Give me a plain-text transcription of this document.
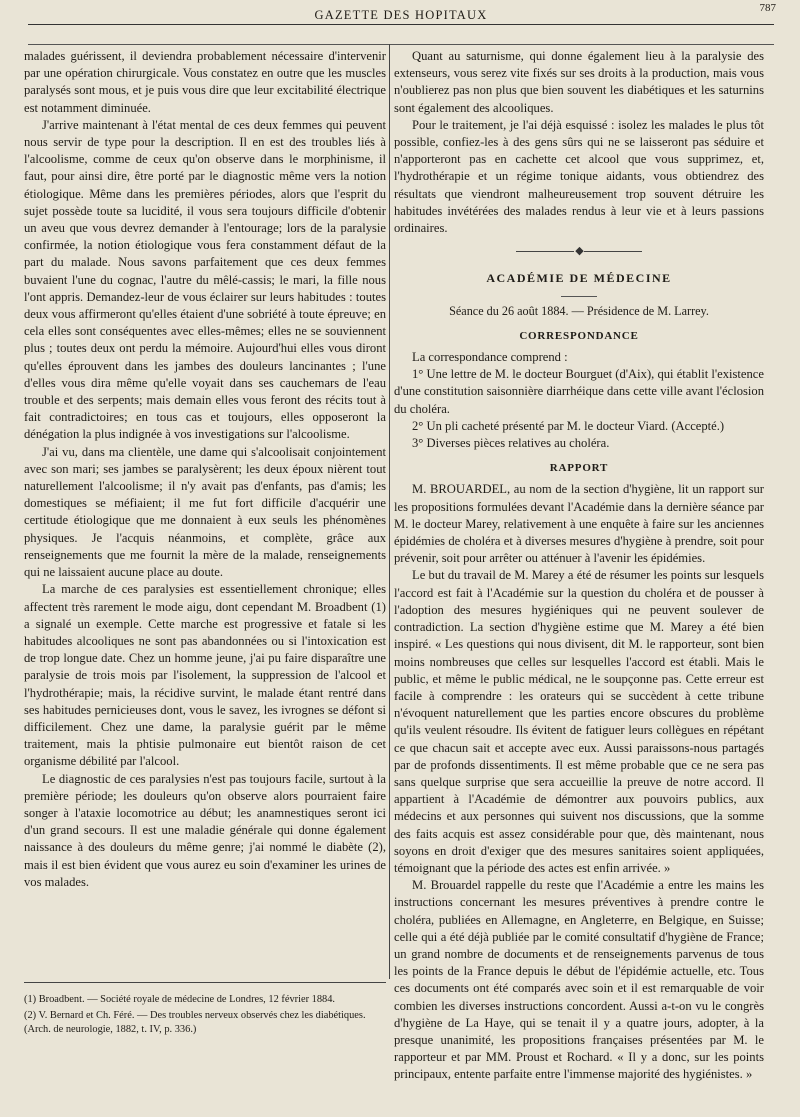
GAZETTE DES HOPITAUX	787

malades guérissent, il deviendra probablement nécessaire d'intervenir par une opération chirurgicale. Vous constatez en outre que les muscles paralysés sont mous, et je puis vous dire que leur excitabilité électrique est notamment diminuée.

J'arrive maintenant à l'état mental de ces deux femmes qui peuvent nous servir de type pour la description. Il en est des troubles liés à l'alcoolisme, comme de ceux qu'on observe dans le morphinisme, il faut, pour ainsi dire, être porté par le diagnostic même vers la notion étiologique. Même dans les premières périodes, alors que l'esprit du sujet possède toute sa lucidité, il vous sera toujours difficile d'obtenir un aveu que vous devrez demander à l'entourage; lors de la paralysie confirmée, la notion étiologique vous fera constamment défaut de la part du malade. Nous savons parfaitement que ces deux femmes buvaient l'une du cognac, l'autre du mêlé-cassis; le mari, la fille nous l'ont appris. Demandez-leur de vous éclairer sur leurs habitudes : toutes deux vous affirmeront qu'elles étaient d'une sobriété à toute épreuve; en cela elles sont conséquentes avec elles-mêmes; elles ne se souviennent plus ; toutes deux ont perdu la mémoire. Aujourd'hui elles vous diront qu'elles éprouvent dans les jambes des douleurs lancinantes ; l'une d'elles vous dira même qu'elle voyait dans ses cauchemars de l'eau trouble et des serpents; mais demain elles vous feront des récits tout à fait contradictoires; en tous cas et toujours, elles opposeront la dénégation la plus indignée à vos investigations sur l'alcoolisme.

J'ai vu, dans ma clientèle, une dame qui s'alcoolisait conjointement avec son mari; ses jambes se paralysèrent; les deux époux nièrent tout naturellement l'alcoolisme; il n'y avait pas d'enfants, pas d'amis; les domestiques se méfiaient; il me fut fort difficile d'acquérir une certitude étiologique que me donnaient à eux seuls les phénomènes physiques. Je l'acquis néanmoins, et complète, grâce aux renseignements que me fournit la mère de la malade, renseignements qui ne laissaient aucune place au doute.

La marche de ces paralysies est essentiellement chronique; elles affectent très rarement le mode aigu, dont cependant M. Broadbent (1) a signalé un exemple. Cette marche est progressive et fatale si les habitudes alcooliques ne sont pas abandonnées ou si l'intoxication est de trop longue date. Chez un homme jeune, j'ai pu faire disparaître une paralysie de trois mois par l'isolement, la suppression de l'alcool et l'hydrothérapie; mais, la récidive survint, le malade étant rentré dans ses habitudes pernicieuses dont, vous le savez, les ivrognes se défont si difficilement. Chez une dame, la paralysie guérit par le même traitement, mais la phtisie pulmonaire eut bientôt raison de cet organisme débilité par l'alcool.

Le diagnostic de ces paralysies n'est pas toujours facile, surtout à la première période; les douleurs qu'on observe alors pourraient faire songer à l'ataxie locomotrice au début; les anamnestiques seront ici d'un grand secours. Il est une maladie générale qui donne également naissance à des douleurs du même genre; j'ai nommé le diabète (2), mais il est bien évident que vous aurez eu soin d'examiner les urines de vos malades.

Quant au saturnisme, qui donne également lieu à la paralysie des extenseurs, vous serez vite fixés sur ses droits à la production, mais vous n'oublierez pas non plus que bien souvent les diabétiques et les saturnins sont également des alcooliques.

Pour le traitement, je l'ai déjà esquissé : isolez les malades le plus tôt possible, confiez-les à des gens sûrs qui ne se laisseront pas séduire et n'apporteront pas en cachette cet alcool que vous supprimez, et, l'hydrothérapie et un régime tonique aidants, vous obtiendrez des résultats que viendront malheureusement trop souvent détruire les habitudes invétérées des malades rendus à leur vie et à leurs passions ordinaires.

◆
ACADÉMIE DE MÉDECINE
Séance du 26 août 1884. — Présidence de M. Larrey.
CORRESPONDANCE

La correspondance comprend :

1° Une lettre de M. le docteur Bourguet (d'Aix), qui établit l'existence d'une constitution saisonnière diarrhéique dans cette ville avant l'éclosion du choléra.

2° Un pli cacheté présenté par M. le docteur Viard. (Accepté.)

3° Diverses pièces relatives au choléra.

RAPPORT

M. BROUARDEL, au nom de la section d'hygiène, lit un rapport sur les propositions formulées devant l'Académie dans la dernière séance par M. le docteur Marey, relativement à une enquête à faire sur les anciennes épidémies de choléra et à diverses mesures d'hygiène à prendre, soit pour prévenir, soit pour arrêter ou atténuer à l'avenir les épidémies.

Le but du travail de M. Marey a été de résumer les points sur lesquels l'accord est fait à l'Académie sur la question du choléra et de pousser à l'adoption des mesures hygiéniques qui ne peuvent soulever de contradiction. La section d'hygiène estime que M. Marey a été bien inspiré. « Les questions qui nous divisent, dit M. le rapporteur, sont bien moins nombreuses que celles sur lesquelles l'accord est établi. Mais le public, et même le public médical, ne le soupçonne pas. Cette erreur est facile à comprendre : les orateurs qui se succèdent à cette tribune n'évoquent naturellement que les parties encore obscures du problème qu'ils veulent résoudre. Ils évitent de fatiguer leurs collègues en répétant ce que chacun sait et accepte avec eux. Aussi paraissons-nous partagés par de profonds dissentiments. Il est même probable que ce ne sera pas sans quelque surprise que sera accueillie la preuve de notre accord. Il appartient à l'Académie de démontrer aux pouvoirs publics, aux médecins et aux personnes qui suivent nos discussions, que la somme des faits acquis est assez considérable pour que, dès maintenant, nous soyons en droit d'exiger que des mesures sanitaires soient appliquées, témoignant que la période des actes est enfin arrivée. »

M. Brouardel rappelle du reste que l'Académie a entre les mains les instructions concernant les mesures préventives à prendre contre le choléra, publiées en Allemagne, en Angleterre, en Belgique, en Suisse; celle qui a été déjà publiée par le comité consultatif d'hygiène de France; un grand nombre de documents et de renseignements parvenus de tous les points de la France depuis le début de l'épidémie actuelle, etc. Tous ces documents ont été comparés avec soin et il est remarquable de voir combien les diverses instructions concordent. Aussi a-t-on vu le congrès d'hygiène de La Haye, qui se tenait il y a quatre jours, adopter, à la presque unanimité, les propositions françaises présentées par M. le rapporteur et par MM. Proust et Rochard. « Il y a donc, sur les points principaux, entente parfaite entre l'immense majorité des hygiénistes. »

(1) Broadbent. — Société royale de médecine de Londres, 12 février 1884.

(2) V. Bernard et Ch. Féré. — Des troubles nerveux observés chez les diabétiques. (Arch. de neurologie, 1882, t. IV, p. 336.)
